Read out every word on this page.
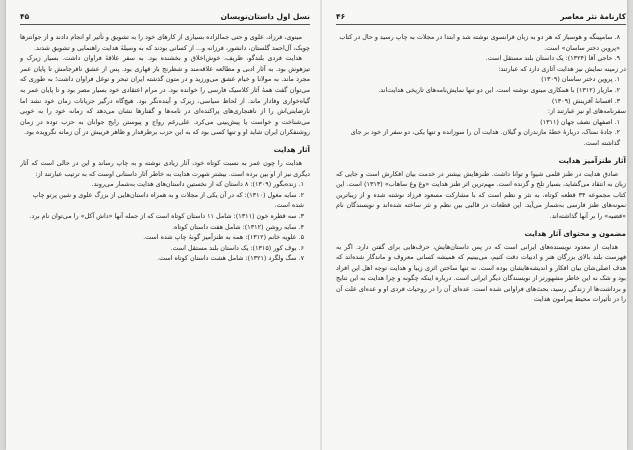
نسل اول داستان‌نویسان
۴۵

مینوی، فرزاد، علوی و حتی جمالزاده بسیاری از کارهای خود را به تشویق و تأثیر او انجام دادند و از جوانترها چوبک، آل‌احمد گلستان، دانشور، فرزانه و... از کسانی بودند که به وسیلهٔ هدایت راهنمایی و تشویق شدند.

هدایت فردی بلندگو، ظریف، خوش‌اخلاق و بخشنده بود. به سفر علاقهٔ فراوان داشت. بسیار زیرک و تیزهوش بود. به آثار ادبی و مطالعه علاقه‌مند و شطرنج باز قهاری بود. پس از عشق نافرجامش تا پایان عمر مجرد ماند. به مولانا و خیام عشق می‌ورزید و در متون گذشته ایران تبحر و توغل فراوان داشت؛ به طوری که می‌توان گفت همهٔ آثار کلاسیک فارسی را خوانده بود. در مرام اعتقادی خود بسیار مصر بود و تا پایان عمر به گیاه‌خواری وفادار ماند. از لحاظ سیاسی، زیرک و آینده‌نگر بود. هیچ‌گاه درگیر جریانات زمان خود نشد اما نارضایتی‌اش را از ناهنجاری‌های پراکنده‌ای در نامه‌ها و گفتارها نشان می‌دهد که زمانه خود را به خوبی می‌شناخت و خواست یا پیش‌بینی می‌کرد. علی‌رغم رواج و پیوستن رایج جوانان به حزب توده در زمان روشنفکران ایران شاید او و تنها کسی بود که به این حزب برطرفدار و ظاهر فریبش در آن زمانه نگرویده بود.

آثار هدایت

هدایت را چون عمر به نسبت کوتاه خود، آثار زیادی نوشته و به چاپ رساند و این در حالی است که آثار دیگری نیز از او بین برده است. بیشتر شهرت هدایت به خاطر آثار داستانی اوست که به ترتیب عبارتند از:

۱. زنده‌بگور (۱۳۰۹): ۸ داستان که از نخستین داستان‌های هدایت به‌شمار می‌روند.
۲. سایه مغول (۱۳۱۰): که در آن یکی از مجلات و به همراه داستان‌هایی از بزرگ علوی و شین پرتو چاپ شده است.
۳. سه قطره خون (۱۳۱۱): شامل ۱۱ داستان کوتاه است که از جمله آنها «داش آکل» را می‌توان نام برد.
۴. سایه روشن (۱۳۱۲): شامل هفت داستان کوتاه.
۵. علویه خانم (۱۳۱۲): همه به طنزآمیز گونهٔ چاپ شده است.
۶. بوف کور (۱۳۱۵): یک داستان بلند مستقل است.
۷. سگ ولگرد (۱۳۲۱): شامل هشت داستان کوتاه است.
کارنامهٔ نثر معاصر
۴۶
۸. سامپینگه و هوسباز که هر دو به زبان فرانسوی نوشته شد و ابتدا در مجلات به چاپ رسید و حال در کتاب «پروین دختر ساسان» است.
۹. حاجی آقا (۱۳۲۴): یک داستان بلند مستقل است.

در زمینه نمایش نیز هدایت آثاری دارد که عبارتند:

۱. پروین دختر ساسان (۱۳۰۹)
۲. مازیار (۱۳۱۲) با همکاری مینوی نوشته است. این دو تنها نمایش‌نامه‌های تاریخی هدایت‌اند.
۳. افسانهٔ آفرینش (۱۳۰۹)

سفرنامه‌های او نیز عبارتند از:

۱. اصفهان نصف جهان (۱۳۱۱)
۲. جادهٔ نمناک، دربارهٔ خطهٔ مازندران و گیلان. هدایت آن را سوزانده و تنها یکی، دو سفر از خود بر جای گذاشته است.
آثار طنزآمیز هدایت

صادق هدایت در طنز قلمی شیوا و توانا داشت. طنزهایش بیشتر در خدمت بیان افکارش است و جایی که زبان به انتقاد می‌گشاید، بسیار تلخ و گزنده است. مهم‌ترین اثر طنز هدایت «وغ وغ ساهاب» (۱۳۱۳) است. این کتاب مجموعه ۳۴ قطعه کوتاه، به نثر و نظم است که با مشارکت مسعود فرزاد نوشته شده و از زیباترین نمونه‌های طنز فارسی به‌شمار می‌آید. این قطعات در قالبی بین نظم و نثر ساخته شده‌اند و نویسندگان نام «قضیه» را بر آنها گذاشته‌اند.

مضمون و محتوای آثار هدایت

هدایت از معدود نویسنده‌های ایرانی است که در پس داستان‌هایش، حرف‌هایی برای گفتن دارد. اگر به فهرست بلند بالای بزرگان هنر و ادبیات دقت کنیم، می‌بینیم که همیشه کسانی معروف و ماندگار شده‌اند که هدف اصلی‌شان بیان افکار و اندیشه‌هایشان بوده است. نه تنها ساختن اثری زیبا و هدایت توجه اهل این افراد بود و شک نه این خاطر مشهورتر از نویسندگان دیگر ایرانی است. درباره اینکه چگونه و چرا هدایت به این نتایج و برداشت‌ها از زندگی رسید، بحث‌های فراوانی شده است. عده‌ای آن را در روحیات فردی او و عده‌ای علت آن را در تأثیرات محیط پیرامون هدایت
